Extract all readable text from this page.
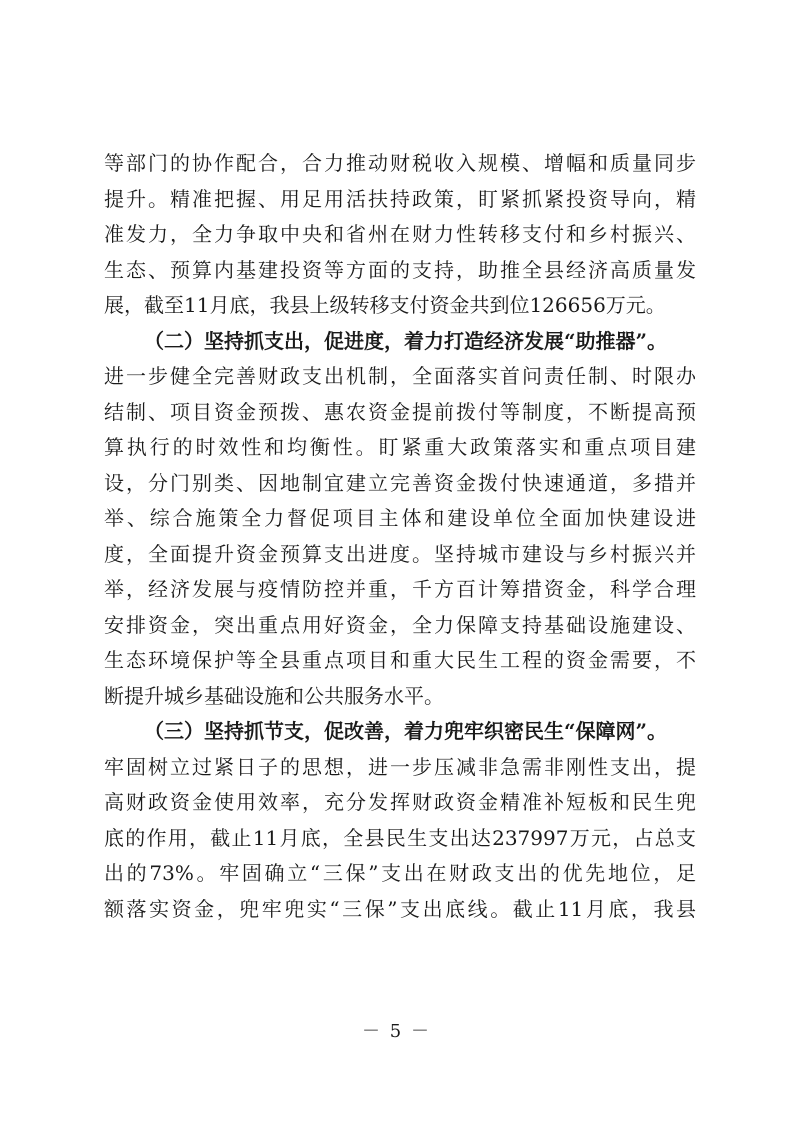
等部门的协作配合，合力推动财税收入规模、增幅和质量同步
提升。精准把握、用足用活扶持政策，盯紧抓紧投资导向，精
准发力，全力争取中央和省州在财力性转移支付和乡村振兴、
生态、预算内基建投资等方面的支持，助推全县经济高质量发
展，截至11月底，我县上级转移支付资金共到位126656万元。
（二）坚持抓支出，促进度，着力打造经济发展“助推器”。
进一步健全完善财政支出机制，全面落实首问责任制、时限办
结制、项目资金预拨、惠农资金提前拨付等制度，不断提高预
算执行的时效性和均衡性。盯紧重大政策落实和重点项目建
设，分门别类、因地制宜建立完善资金拨付快速通道，多措并
举、综合施策全力督促项目主体和建设单位全面加快建设进
度，全面提升资金预算支出进度。坚持城市建设与乡村振兴并
举，经济发展与疫情防控并重，千方百计筹措资金，科学合理
安排资金，突出重点用好资金，全力保障支持基础设施建设、
生态环境保护等全县重点项目和重大民生工程的资金需要，不
断提升城乡基础设施和公共服务水平。
（三）坚持抓节支，促改善，着力兜牢织密民生“保障网”。
牢固树立过紧日子的思想，进一步压减非急需非刚性支出，提
高财政资金使用效率，充分发挥财政资金精准补短板和民生兜
底的作用，截止11月底，全县民生支出达237997万元，占总支
出的73%。牢固确立“三保”支出在财政支出的优先地位，足
额落实资金，兜牢兜实“三保”支出底线。截止11月底，我县
－ 5 －
